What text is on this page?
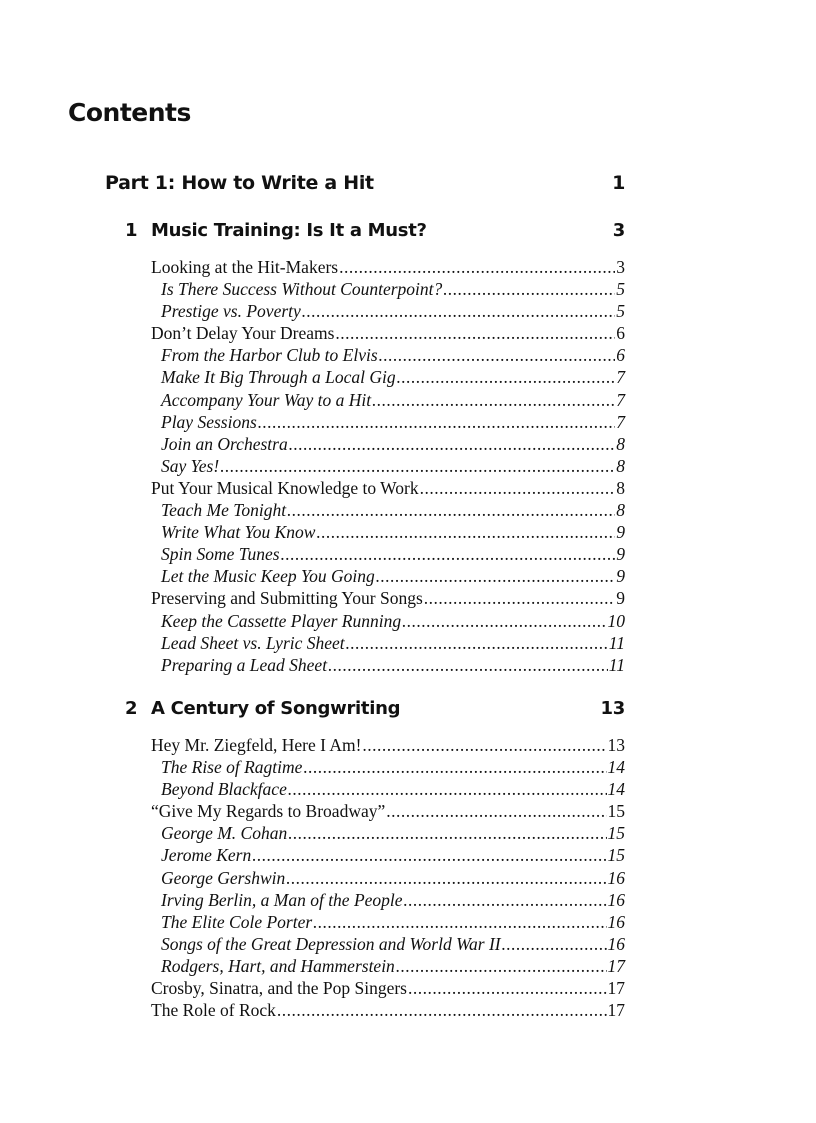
Contents
Part 1: How to Write a Hit	1
1 Music Training: Is It a Must?	3
Looking at the Hit-Makers .....	3
Is There Success Without Counterpoint? .....	5
Prestige vs. Poverty .....	5
Don’t Delay Your Dreams .....	6
From the Harbor Club to Elvis .....	6
Make It Big Through a Local Gig .....	7
Accompany Your Way to a Hit .....	7
Play Sessions .....	7
Join an Orchestra .....	8
Say Yes! .....	8
Put Your Musical Knowledge to Work .....	8
Teach Me Tonight .....	8
Write What You Know .....	9
Spin Some Tunes .....	9
Let the Music Keep You Going .....	9
Preserving and Submitting Your Songs .....	9
Keep the Cassette Player Running .....	10
Lead Sheet vs. Lyric Sheet .....	11
Preparing a Lead Sheet .....	11
2 A Century of Songwriting	13
Hey Mr. Ziegfeld, Here I Am! .....	13
The Rise of Ragtime .....	14
Beyond Blackface .....	14
“Give My Regards to Broadway” .....	15
George M. Cohan .....	15
Jerome Kern .....	15
George Gershwin .....	16
Irving Berlin, a Man of the People .....	16
The Elite Cole Porter .....	16
Songs of the Great Depression and World War II .....	16
Rodgers, Hart, and Hammerstein .....	17
Crosby, Sinatra, and the Pop Singers .....	17
The Role of Rock .....	17
